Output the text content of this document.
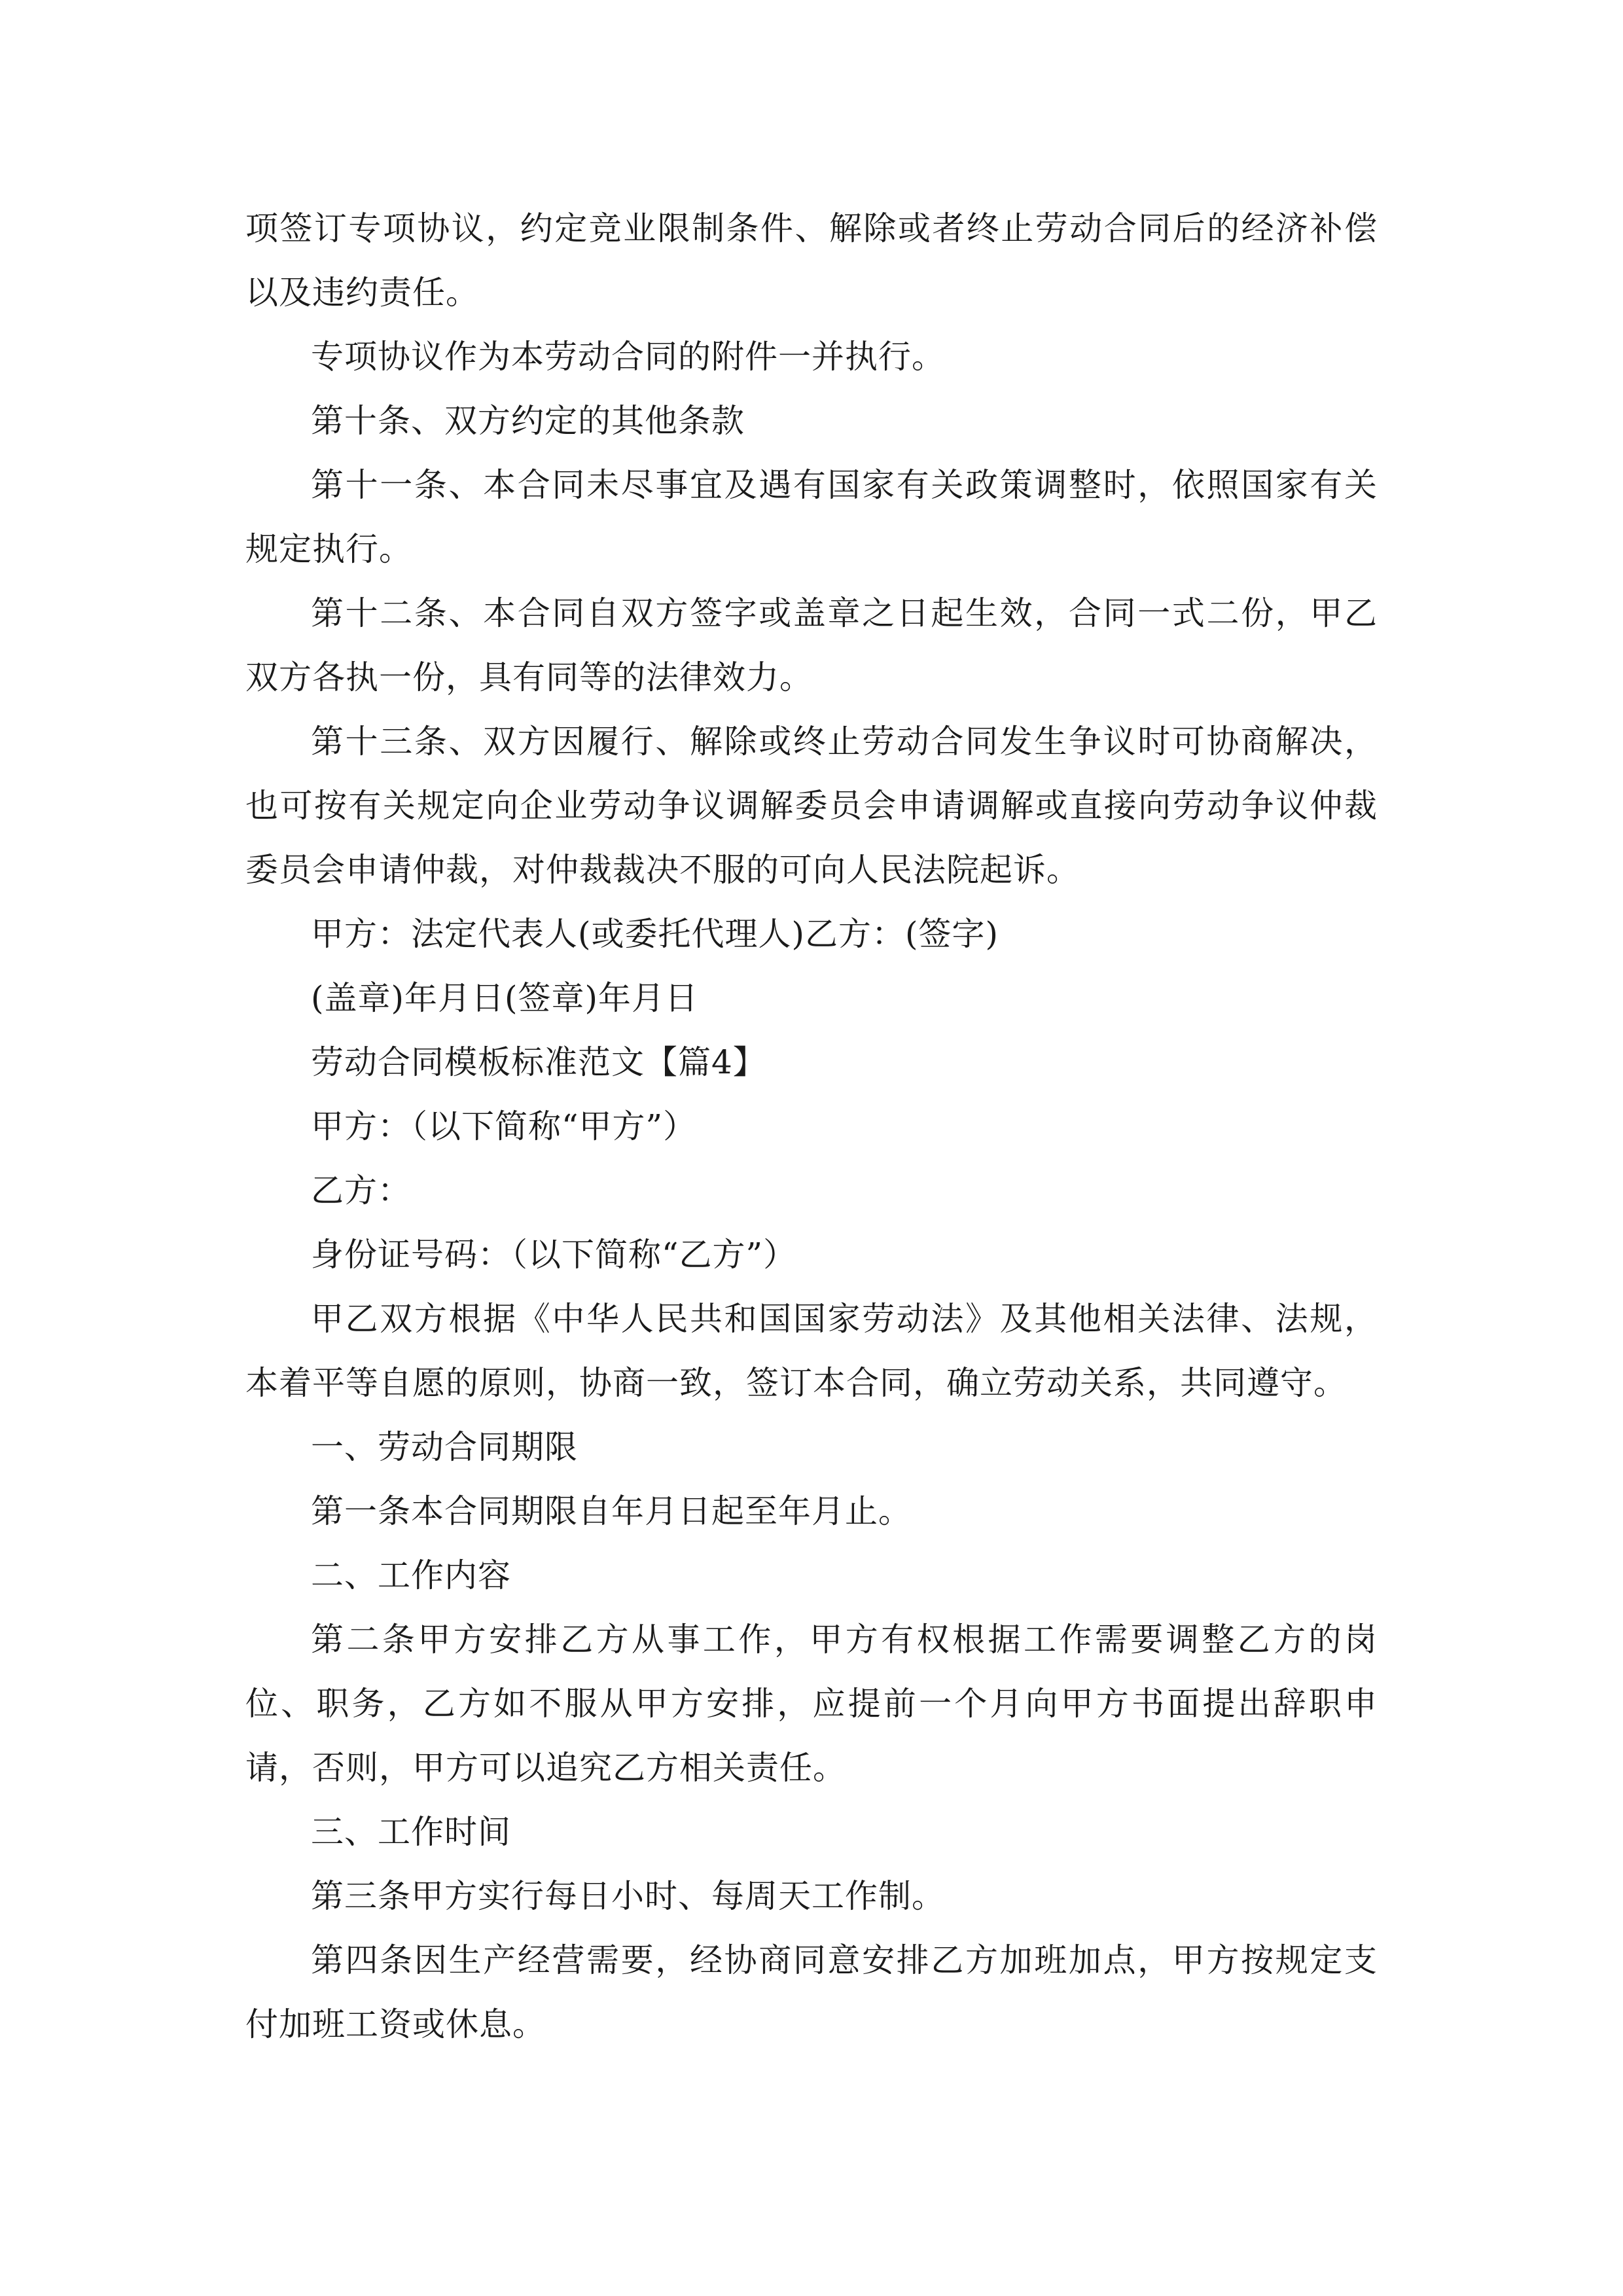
项签订专项协议，约定竞业限制条件、解除或者终止劳动合同后的经济补偿以及违约责任。

专项协议作为本劳动合同的附件一并执行。

第十条、双方约定的其他条款

第十一条、本合同未尽事宜及遇有国家有关政策调整时，依照国家有关规定执行。

第十二条、本合同自双方签字或盖章之日起生效，合同一式二份，甲乙双方各执一份，具有同等的法律效力。

第十三条、双方因履行、解除或终止劳动合同发生争议时可协商解决，也可按有关规定向企业劳动争议调解委员会申请调解或直接向劳动争议仲裁委员会申请仲裁，对仲裁裁决不服的可向人民法院起诉。

甲方：法定代表人(或委托代理人)乙方：(签字)

(盖章)年月日(签章)年月日

劳动合同模板标准范文【篇4】

甲方：（以下简称“甲方”）

乙方：

身份证号码：（以下简称“乙方”）

甲乙双方根据《中华人民共和国国家劳动法》及其他相关法律、法规，本着平等自愿的原则，协商一致，签订本合同，确立劳动关系，共同遵守。

一、劳动合同期限

第一条本合同期限自年月日起至年月止。

二、工作内容

第二条甲方安排乙方从事工作，甲方有权根据工作需要调整乙方的岗位、职务，乙方如不服从甲方安排，应提前一个月向甲方书面提出辞职申请，否则，甲方可以追究乙方相关责任。

三、工作时间

第三条甲方实行每日小时、每周天工作制。

第四条因生产经营需要，经协商同意安排乙方加班加点，甲方按规定支付加班工资或休息。
